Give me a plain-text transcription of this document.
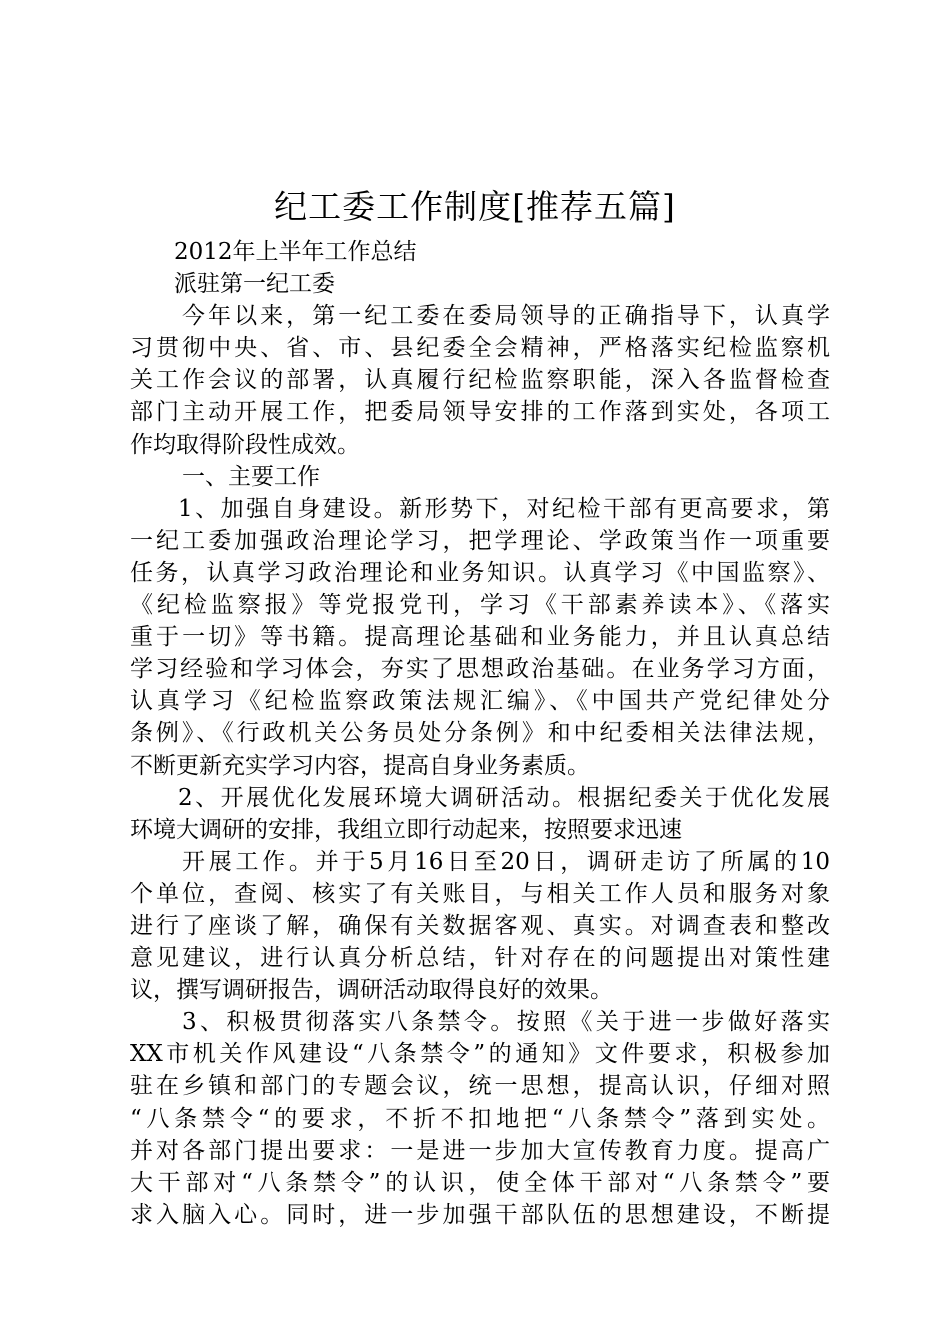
纪工委工作制度[推荐五篇]
2012年上半年工作总结
派驻第一纪工委
今年以来，第一纪工委在委局领导的正确指导下，认真学
习贯彻中央、省、市、县纪委全会精神，严格落实纪检监察机
关工作会议的部署，认真履行纪检监察职能，深入各监督检查
部门主动开展工作，把委局领导安排的工作落到实处，各项工
作均取得阶段性成效。
一、主要工作
1、加强自身建设。新形势下，对纪检干部有更高要求，第
一纪工委加强政治理论学习，把学理论、学政策当作一项重要
任务，认真学习政治理论和业务知识。认真学习《中国监察》、
《纪检监察报》等党报党刊，学习《干部素养读本》、《落实
重于一切》等书籍。提高理论基础和业务能力，并且认真总结
学习经验和学习体会，夯实了思想政治基础。在业务学习方面，
认真学习《纪检监察政策法规汇编》、《中国共产党纪律处分
条例》、《行政机关公务员处分条例》和中纪委相关法律法规，
不断更新充实学习内容，提高自身业务素质。
2、开展优化发展环境大调研活动。根据纪委关于优化发展
环境大调研的安排，我组立即行动起来，按照要求迅速
开展工作。并于5月16日至20日，调研走访了所属的10
个单位，查阅、核实了有关账目，与相关工作人员和服务对象
进行了座谈了解，确保有关数据客观、真实。对调查表和整改
意见建议，进行认真分析总结，针对存在的问题提出对策性建
议，撰写调研报告，调研活动取得良好的效果。
3、积极贯彻落实八条禁令。按照《关于进一步做好落实
XX市机关作风建设“八条禁令”的通知》文件要求，积极参加
驻在乡镇和部门的专题会议，统一思想，提高认识，仔细对照
“八条禁令“的要求，不折不扣地把“八条禁令”落到实处。
并对各部门提出要求：一是进一步加大宣传教育力度。提高广
大干部对“八条禁令”的认识，使全体干部对“八条禁令”要
求入脑入心。同时，进一步加强干部队伍的思想建设，不断提
